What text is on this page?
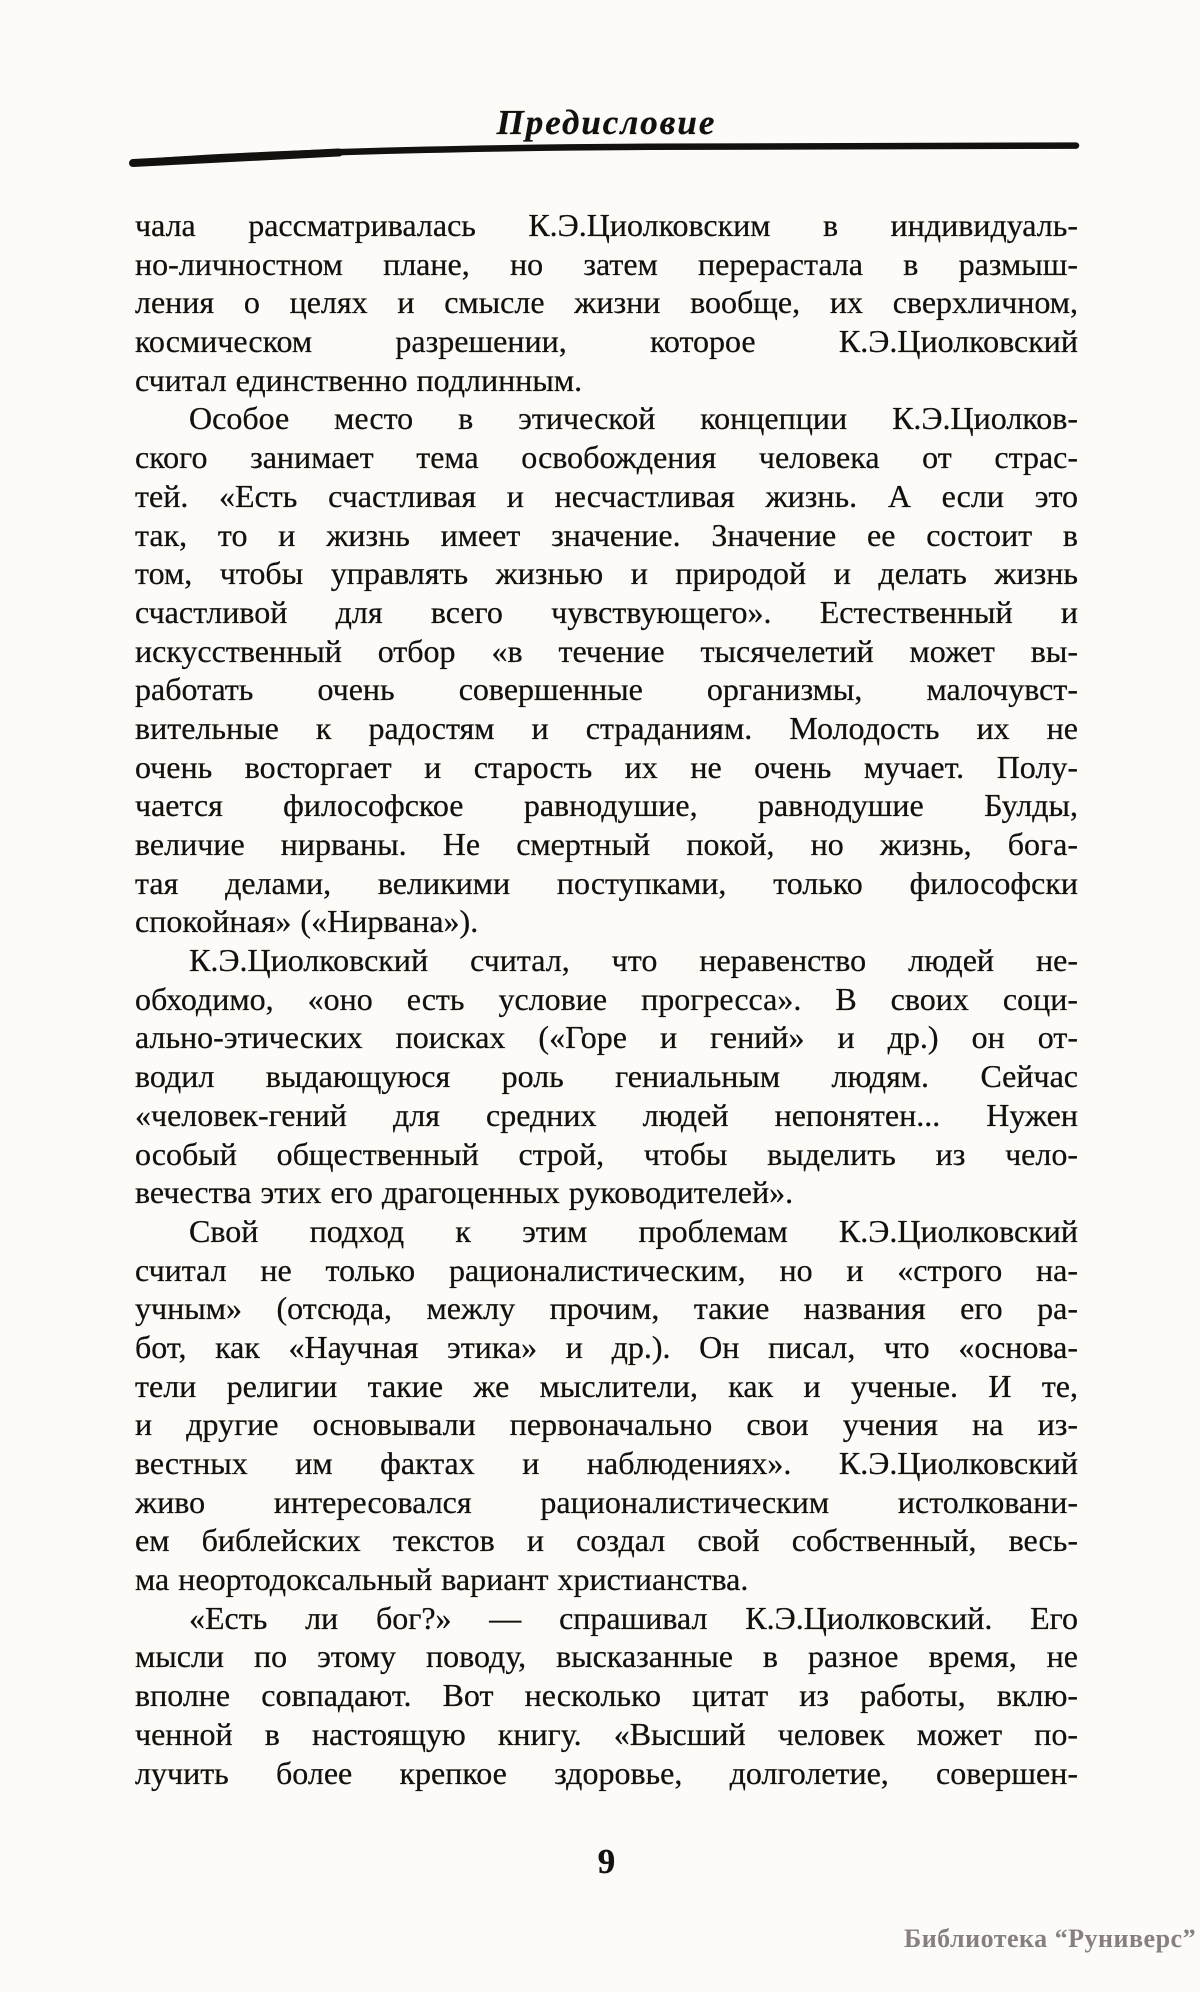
Предисловие
чала рассматривалась К.Э.Циолковским в индивидуаль-
но-личностном плане, но затем перерастала в размыш-
ления о целях и смысле жизни вообще, их сверхличном,
космическом разрешении, которое К.Э.Циолковский
считал единственно подлинным.
Особое место в этической концепции К.Э.Циолков-
ского занимает тема освобождения человека от страс-
тей. «Есть счастливая и несчастливая жизнь. А если это
так, то и жизнь имеет значение. Значение ее состоит в
том, чтобы управлять жизнью и природой и делать жизнь
счастливой для всего чувствующего». Естественный и
искусственный отбор «в течение тысячелетий может вы-
работать очень совершенные организмы, малочувст-
вительные к радостям и страданиям. Молодость их не
очень восторгает и старость их не очень мучает. Полу-
чается философское равнодушие, равнодушие Булды,
величие нирваны. Не смертный покой, но жизнь, бога-
тая делами, великими поступками, только философски
спокойная» («Нирвана»).
К.Э.Циолковский считал, что неравенство людей не-
обходимо, «оно есть условие прогресса». В своих соци-
ально-этических поисках («Горе и гений» и др.) он от-
водил выдающуюся роль гениальным людям. Сейчас
«человек-гений для средних людей непонятен... Нужен
особый общественный строй, чтобы выделить из чело-
вечества этих его драгоценных руководителей».
Свой подход к этим проблемам К.Э.Циолковский
считал не только рационалистическим, но и «строго на-
учным» (отсюда, межлу прочим, такие названия его ра-
бот, как «Научная этика» и др.). Он писал, что «основа-
тели религии такие же мыслители, как и ученые. И те,
и другие основывали первоначально свои учения на из-
вестных им фактах и наблюдениях». К.Э.Циолковский
живо интересовался рационалистическим истолковани-
ем библейских текстов и создал свой собственный, весь-
ма неортодоксальный вариант христианства.
«Есть ли бог?» — спрашивал К.Э.Циолковский. Его
мысли по этому поводу, высказанные в разное время, не
вполне совпадают. Вот несколько цитат из работы, вклю-
ченной в настоящую книгу. «Высший человек может по-
лучить более крепкое здоровье, долголетие, совершен-
9
Библиотека “Руниверс”
